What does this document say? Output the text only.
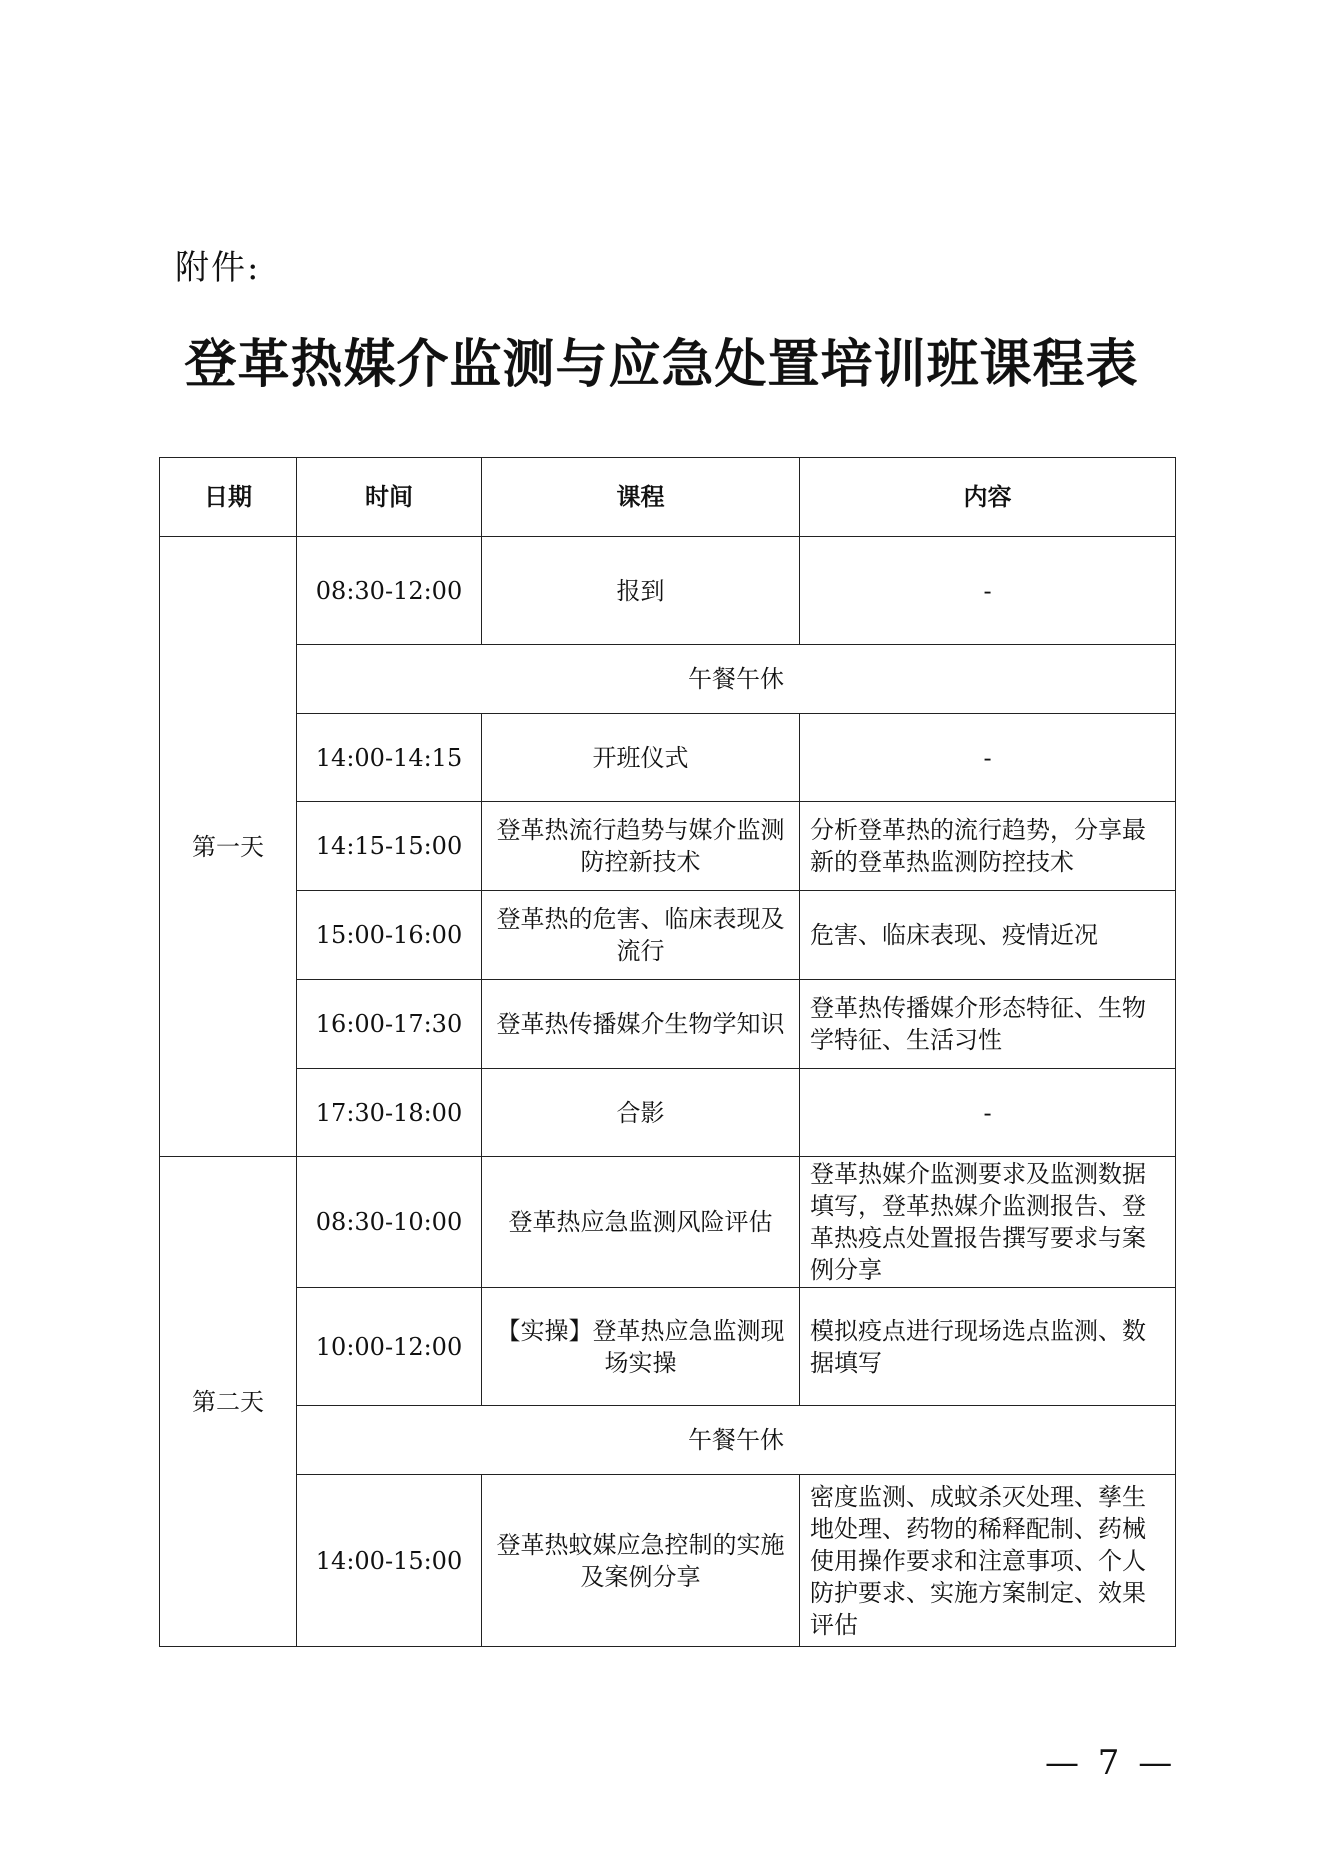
附件:
登革热媒介监测与应急处置培训班课程表
日期	时间	课程	内容
第一天	08:30-12:00	报到	-
	午餐午休		
	14:00-14:15	开班仪式	-
	14:15-15:00	登革热流行趋势与媒介监测防控新技术	分析登革热的流行趋势，分享最新的登革热监测防控技术
	15:00-16:00	登革热的危害、临床表现及流行	危害、临床表现、疫情近况
	16:00-17:30	登革热传播媒介生物学知识	登革热传播媒介形态特征、生物学特征、生活习性
	17:30-18:00	合影	-
第二天	08:30-10:00	登革热应急监测风险评估	登革热媒介监测要求及监测数据填写，登革热媒介监测报告、登革热疫点处置报告撰写要求与案例分享
	10:00-12:00	【实操】登革热应急监测现场实操	模拟疫点进行现场选点监测、数据填写
	午餐午休		
	14:00-15:00	登革热蚊媒应急控制的实施及案例分享	密度监测、成蚊杀灭处理、孳生地处理、药物的稀释配制、药械使用操作要求和注意事项、个人防护要求、实施方案制定、效果评估
— 7 —
